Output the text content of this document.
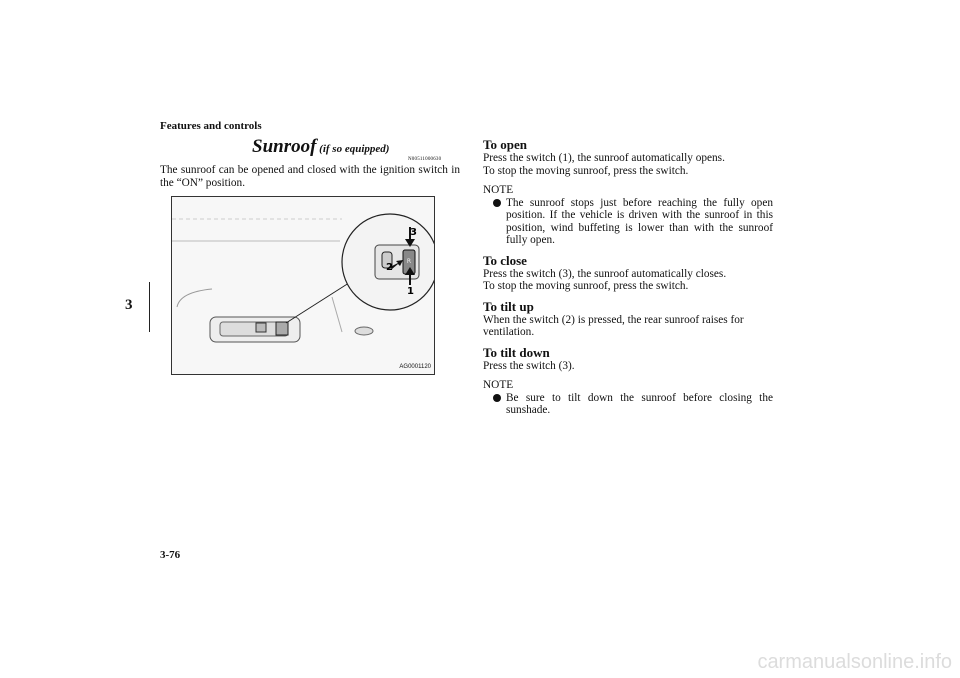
Features and controls
3
Sunroof (if so equipped)
N00511000630
The sunroof can be opened and closed with the ignition switch in the “ON” position.
R
3
2
1
AG0001120

To open

Press the switch (1), the sunroof automatically opens.

To stop the moving sunroof, press the switch.

NOTE

The sunroof stops just before reaching the fully open position. If the vehicle is driven with the sunroof in this position, wind buffeting is lower than with the sunroof fully open.

To close

Press the switch (3), the sunroof automatically closes.

To stop the moving sunroof, press the switch.

To tilt up

When the switch (2) is pressed, the rear sunroof raises for ventilation.

To tilt down

Press the switch (3).

NOTE

Be sure to tilt down the sunroof before closing the sunshade.

3-76
carmanualsonline.info
